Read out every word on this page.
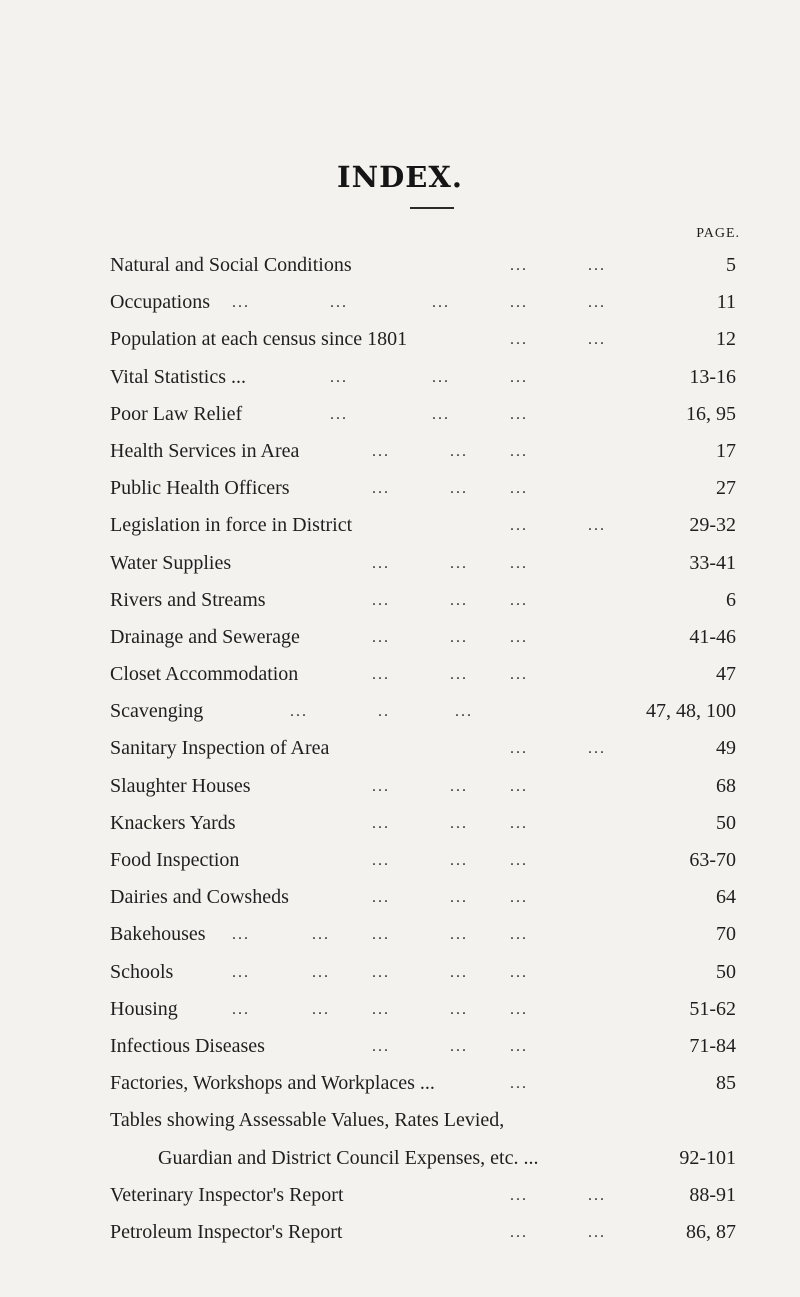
INDEX.
PAGE.
Natural and Social Conditions	...	...	5
Occupations ...	...	...	...	...	11
Population at each census since 1801	...	...	12
Vital Statistics ...	...	...	...	13-16
Poor Law Relief	...	...	...	16, 95
Health Services in Area	...	...	...	17
Public Health Officers	...	...	...	27
Legislation in force in District	...	...	29-32
Water Supplies	...	...	...	33-41
Rivers and Streams	...	...	...	6
Drainage and Sewerage	...	...	...	41-46
Closet Accommodation	...	...	...	47
Scavenging	...	..	...	47, 48, 100
Sanitary Inspection of Area	...	...	49
Slaughter Houses	...	...	...	68
Knackers Yards	...	...	...	50
Food Inspection	...	...	...	63-70
Dairies and Cowsheds	...	...	...	64
Bakehouses ...	...	...	...	...	70
Schools	...	...	...	...	...	50
Housing	...	...	...	...	...	51-62
Infectious Diseases	...	...	...	71-84
Factories, Workshops and Workplaces ...	...	85
Tables showing Assessable Values, Rates Levied,
Guardian and District Council Expenses, etc. ...	92-101
Veterinary Inspector's Report	...	...	88-91
Petroleum Inspector's Report	...	...	86, 87
